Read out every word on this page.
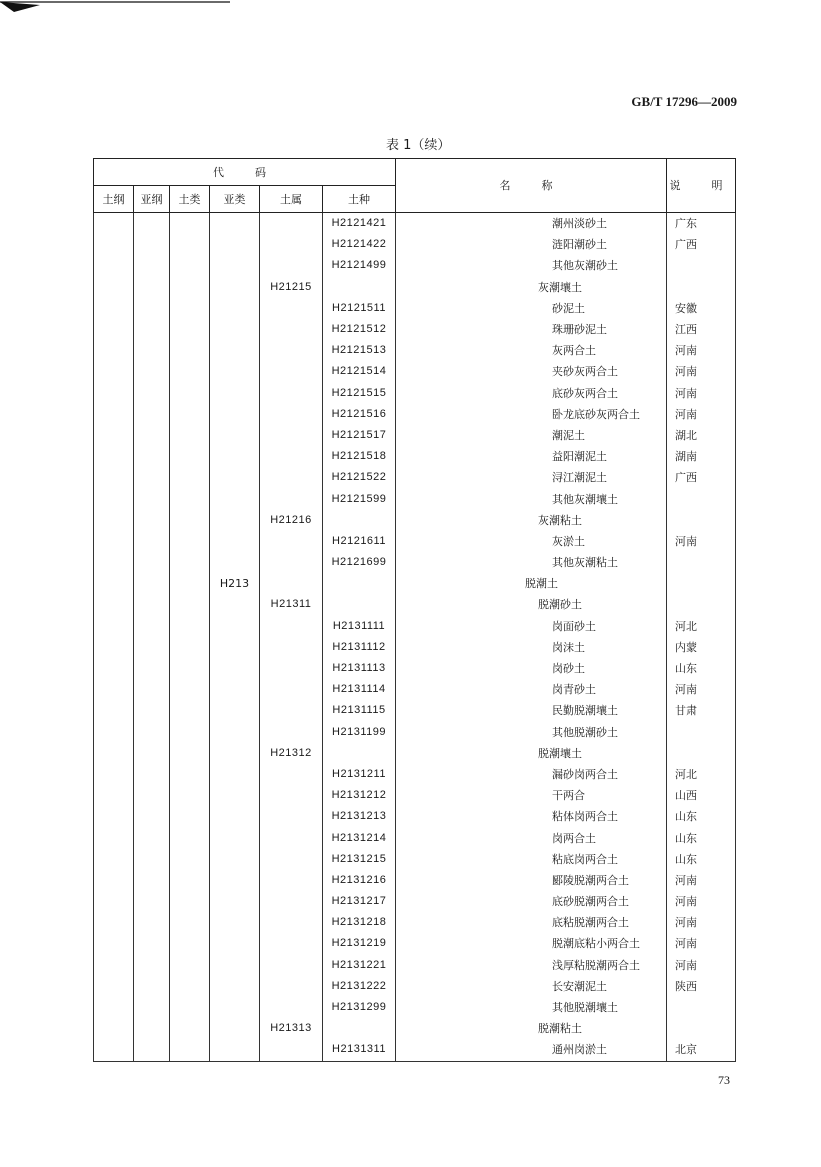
GB/T 17296—2009
表 1（续）
代　码						名　称	说　明
土纲	亚纲	土类	亚类	土属	土种		
					H2121421	潮州淡砂土	广东
					H2121422	涟阳潮砂土	广西
					H2121499	其他灰潮砂土	
				H21215		灰潮壤土	
					H2121511	砂泥土	安徽
					H2121512	珠珊砂泥土	江西
					H2121513	灰两合土	河南
					H2121514	夹砂灰两合土	河南
					H2121515	底砂灰两合土	河南
					H2121516	卧龙底砂灰两合土	河南
					H2121517	潮泥土	湖北
					H2121518	益阳潮泥土	湖南
					H2121522	浔江潮泥土	广西
					H2121599	其他灰潮壤土	
				H21216		灰潮粘土	
					H2121611	灰淤土	河南
					H2121699	其他灰潮粘土	
			H213			脱潮土	
				H21311		脱潮砂土	
					H2131111	岗面砂土	河北
					H2131112	岗沫土	内蒙
					H2131113	岗砂土	山东
					H2131114	岗青砂土	河南
					H2131115	民勤脱潮壤土	甘肃
					H2131199	其他脱潮砂土	
				H21312		脱潮壤土	
					H2131211	漏砂岗两合土	河北
					H2131212	干两合	山西
					H2131213	粘体岗两合土	山东
					H2131214	岗两合土	山东
					H2131215	粘底岗两合土	山东
					H2131216	郾陵脱潮两合土	河南
					H2131217	底砂脱潮两合土	河南
					H2131218	底粘脱潮两合土	河南
					H2131219	脱潮底粘小两合土	河南
					H2131221	浅厚粘脱潮两合土	河南
					H2131222	长安潮泥土	陕西
					H2131299	其他脱潮壤土	
				H21313		脱潮粘土	
					H2131311	通州岗淤土	北京
73
